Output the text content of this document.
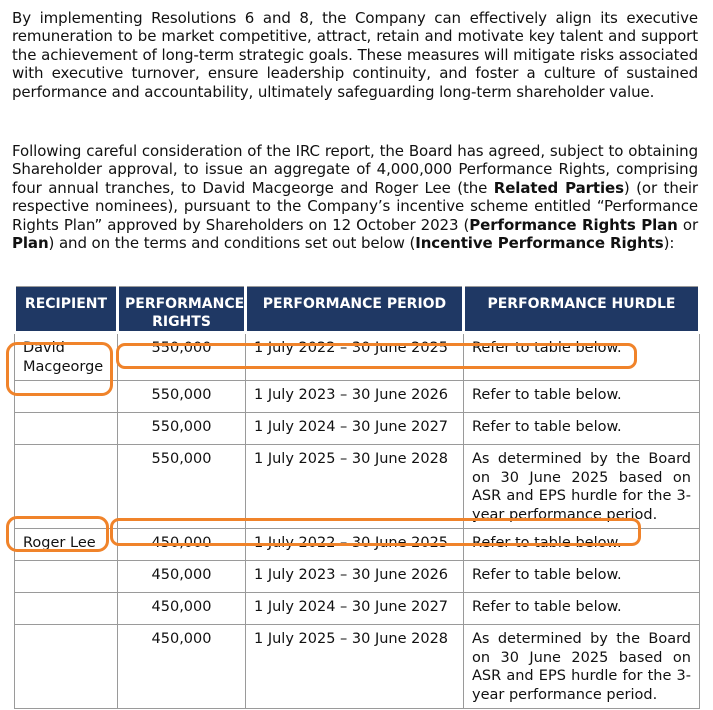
By implementing Resolutions 6 and 8, the Company can effectively align its executive remuneration to be market competitive, attract, retain and motivate key talent and support the achievement of long-term strategic goals. These measures will mitigate risks associated with executive turnover, ensure leadership continuity, and foster a culture of sustained performance and accountability, ultimately safeguarding long-term shareholder value.

Following careful consideration of the IRC report, the Board has agreed, subject to obtaining Shareholder approval, to issue an aggregate of 4,000,000 Performance Rights, comprising four annual tranches, to David Macgeorge and Roger Lee (the Related Parties) (or their respective nominees), pursuant to the Company’s incentive scheme entitled “Performance Rights Plan” approved by Shareholders on 12 October 2023 (Performance Rights Plan or Plan) and on the terms and conditions set out below (Incentive Performance Rights):

RECIPIENT	PERFORMANCE RIGHTS	PERFORMANCE PERIOD	PERFORMANCE HURDLE
David Macgeorge	550,000	1 July 2022 – 30 June 2025	Refer to table below.
	550,000	1 July 2023 – 30 June 2026	Refer to table below.
	550,000	1 July 2024 – 30 June 2027	Refer to table below.
	550,000	1 July 2025 – 30 June 2028	As determined by the Board on 30 June 2025 based on ASR and EPS hurdle for the 3-year performance period.
Roger Lee	450,000	1 July 2022 – 30 June 2025	Refer to table below.
	450,000	1 July 2023 – 30 June 2026	Refer to table below.
	450,000	1 July 2024 – 30 June 2027	Refer to table below.
	450,000	1 July 2025 – 30 June 2028	As determined by the Board on 30 June 2025 based on ASR and EPS hurdle for the 3-year performance period.
